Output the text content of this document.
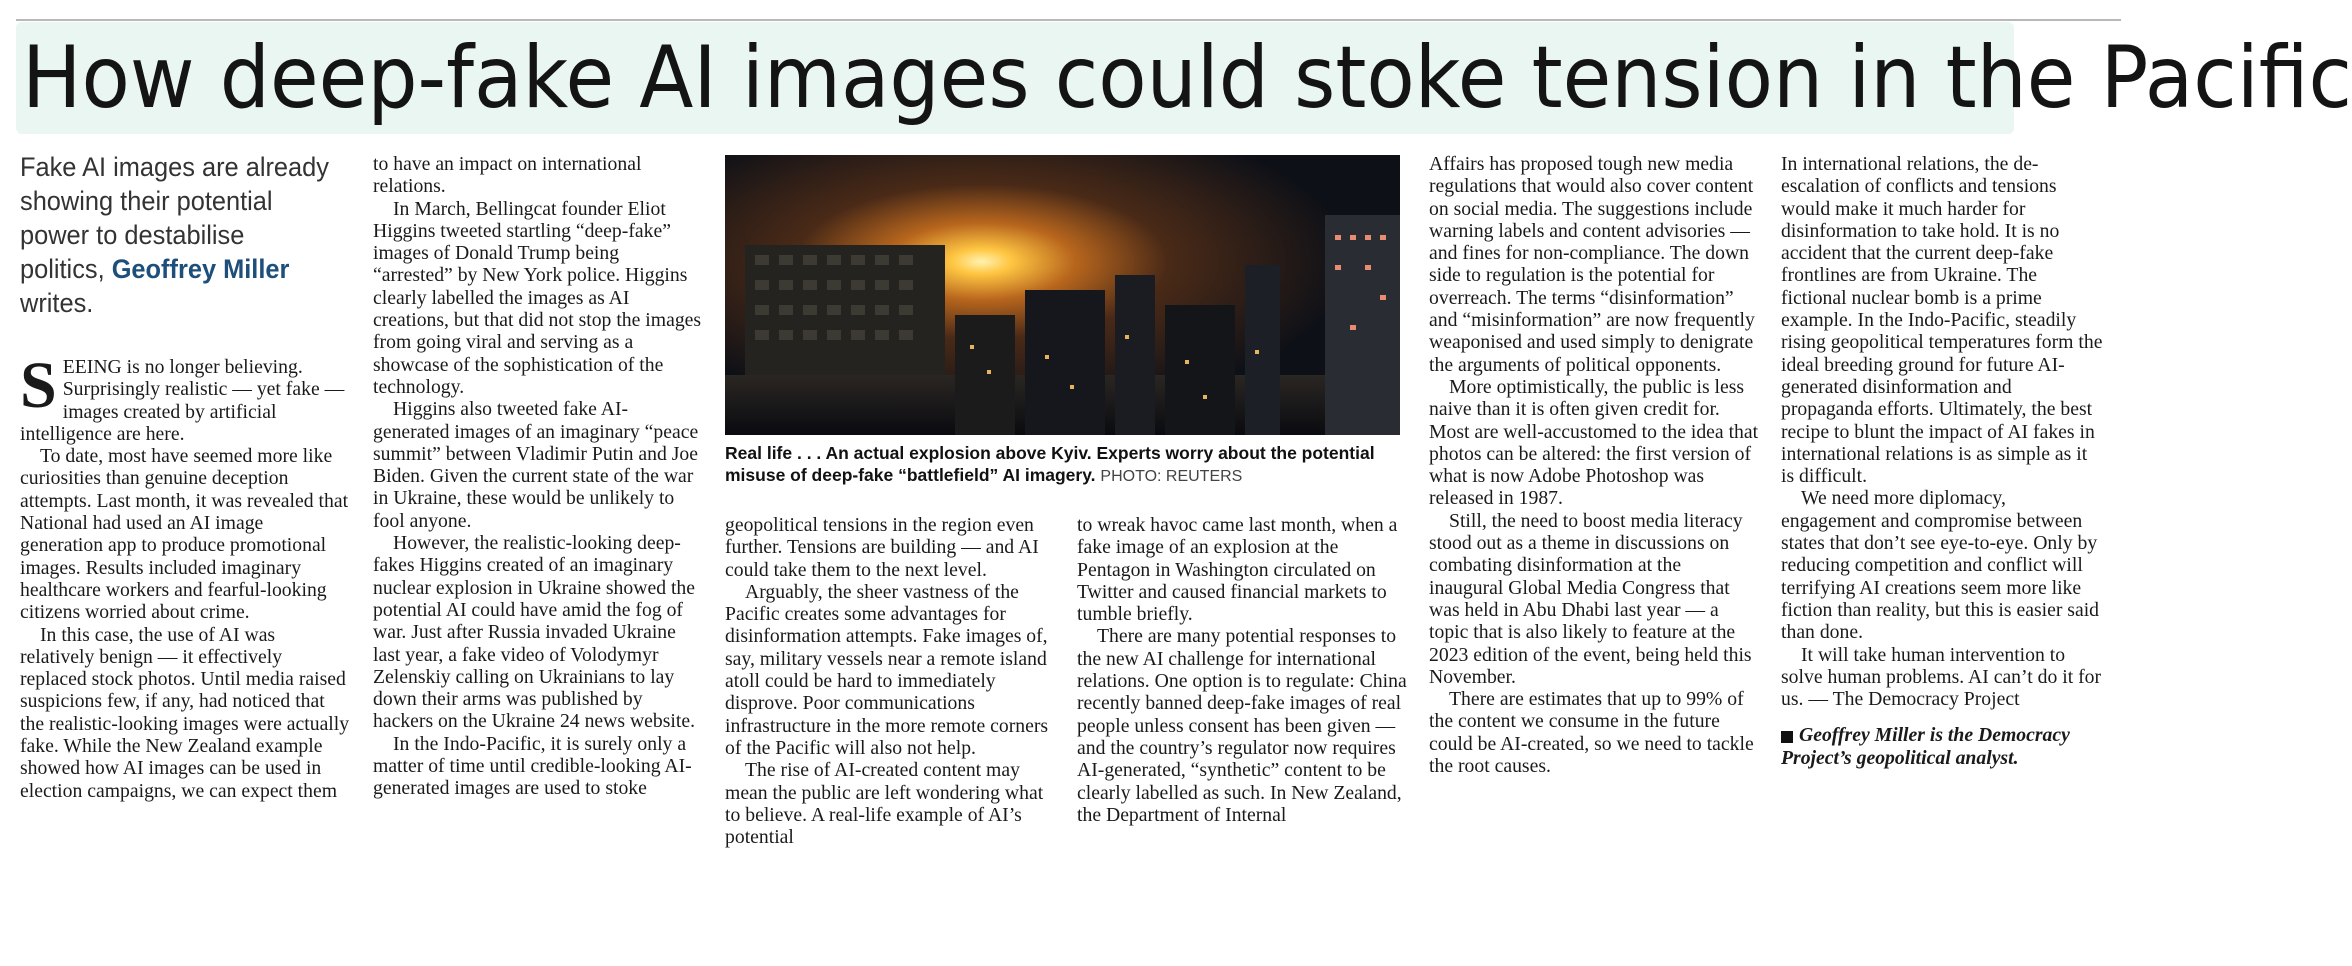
How deep-fake AI images could stoke tension in the Pacific
Fake AI images are already showing their potential power to destabilise politics, Geoffrey Miller writes.

SEEING is no longer believing. Surprisingly realistic — yet fake — images created by artificial intelligence are here.

To date, most have seemed more like curiosities than genuine deception attempts. Last month, it was revealed that National had used an AI image generation app to produce promotional images. Results included imaginary healthcare workers and fearful-looking citizens worried about crime.

In this case, the use of AI was relatively benign — it effectively replaced stock photos. Until media raised suspicions few, if any, had noticed that the realistic-looking images were actually fake. While the New Zealand example showed how AI images can be used in election campaigns, we can expect them

to have an impact on international relations.

In March, Bellingcat founder Eliot Higgins tweeted startling “deep-fake” images of Donald Trump being “arrested” by New York police. Higgins clearly labelled the images as AI creations, but that did not stop the images from going viral and serving as a showcase of the sophistication of the technology.

Higgins also tweeted fake AI-generated images of an imaginary “peace summit” between Vladimir Putin and Joe Biden. Given the current state of the war in Ukraine, these would be unlikely to fool anyone.

However, the realistic-looking deep-fakes Higgins created of an imaginary nuclear explosion in Ukraine showed the potential AI could have amid the fog of war. Just after Russia invaded Ukraine last year, a fake video of Volodymyr Zelenskiy calling on Ukrainians to lay down their arms was published by hackers on the Ukraine 24 news website.

In the Indo-Pacific, it is surely only a matter of time until credible-looking AI-generated images are used to stoke

Real life . . . An actual explosion above Kyiv. Experts worry about the potential misuse of deep-fake “battlefield” AI imagery. PHOTO: REUTERS

geopolitical tensions in the region even further. Tensions are building — and AI could take them to the next level.

Arguably, the sheer vastness of the Pacific creates some advantages for disinformation attempts. Fake images of, say, military vessels near a remote island atoll could be hard to immediately disprove. Poor communications infrastructure in the more remote corners of the Pacific will also not help.

The rise of AI-created content may mean the public are left wondering what to believe. A real-life example of AI’s potential

to wreak havoc came last month, when a fake image of an explosion at the Pentagon in Washington circulated on Twitter and caused financial markets to tumble briefly.

There are many potential responses to the new AI challenge for international relations. One option is to regulate: China recently banned deep-fake images of real people unless consent has been given — and the country’s regulator now requires AI-generated, “synthetic” content to be clearly labelled as such. In New Zealand, the Department of Internal

Affairs has proposed tough new media regulations that would also cover content on social media. The suggestions include warning labels and content advisories — and fines for non-compliance. The down side to regulation is the potential for overreach. The terms “disinformation” and “misinformation” are now frequently weaponised and used simply to denigrate the arguments of political opponents.

More optimistically, the public is less naive than it is often given credit for. Most are well-accustomed to the idea that photos can be altered: the first version of what is now Adobe Photoshop was released in 1987.

Still, the need to boost media literacy stood out as a theme in discussions on combating disinformation at the inaugural Global Media Congress that was held in Abu Dhabi last year — a topic that is also likely to feature at the 2023 edition of the event, being held this November.

There are estimates that up to 99% of the content we consume in the future could be AI-created, so we need to tackle the root causes.

In international relations, the de-escalation of conflicts and tensions would make it much harder for disinformation to take hold. It is no accident that the current deep-fake frontlines are from Ukraine. The fictional nuclear bomb is a prime example. In the Indo-Pacific, steadily rising geopolitical temperatures form the ideal breeding ground for future AI-generated disinformation and propaganda efforts. Ultimately, the best recipe to blunt the impact of AI fakes in international relations is as simple as it is difficult.

We need more diplomacy, engagement and compromise between states that don’t see eye-to-eye. Only by reducing competition and conflict will terrifying AI creations seem more like fiction than reality, but this is easier said than done.

It will take human intervention to solve human problems. AI can’t do it for us. — The Democracy Project

Geoffrey Miller is the Democracy Project’s geopolitical analyst.
